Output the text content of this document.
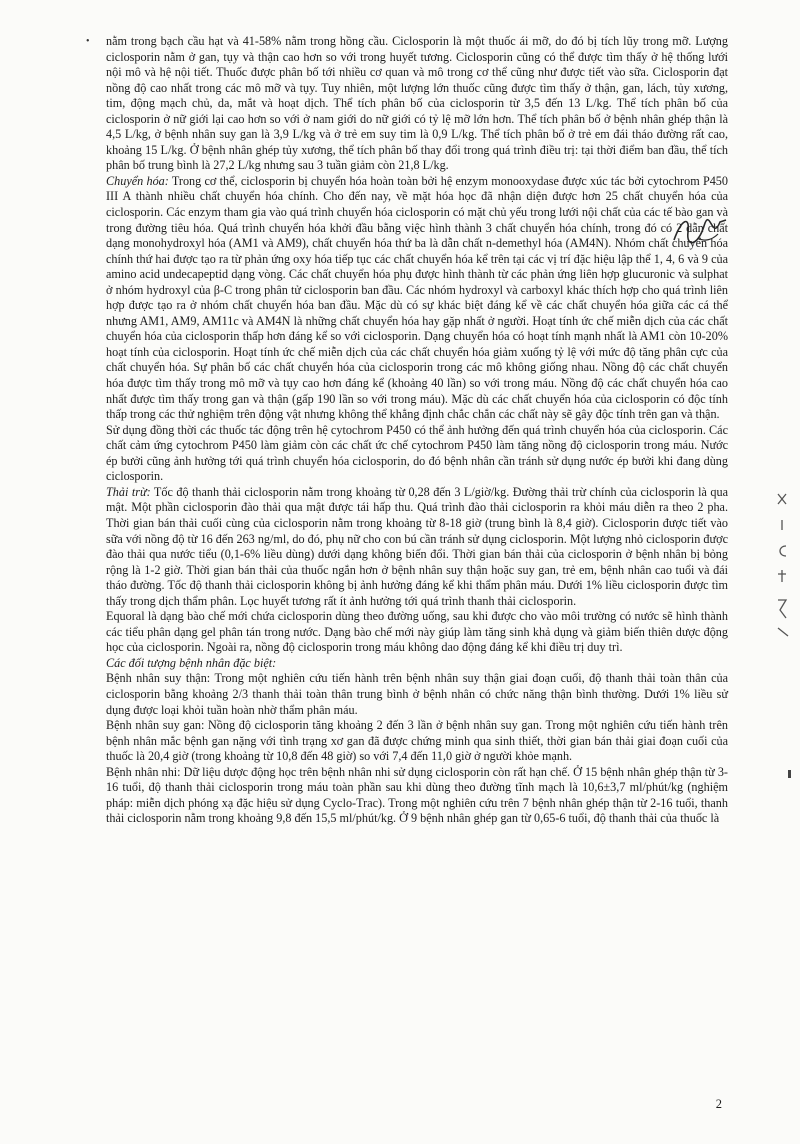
• nằm trong bạch cầu hạt và 41-58% nằm trong hồng cầu. Ciclosporin là một thuốc ái mỡ, do đó bị tích lũy trong mỡ. Lượng ciclosporin nằm ở gan, tụy và thận cao hơn so với trong huyết tương. Ciclosporin cũng có thể được tìm thấy ở hệ thống lưới nội mô và hệ nội tiết. Thuốc được phân bố tới nhiều cơ quan và mô trong cơ thể cũng như được tiết vào sữa. Ciclosporin đạt nồng độ cao nhất trong các mô mỡ và tụy. Tuy nhiên, một lượng lớn thuốc cũng được tìm thấy ở thận, gan, lách, tủy xương, tim, động mạch chủ, da, mắt và hoạt dịch. Thể tích phân bố của ciclosporin từ 3,5 đến 13 L/kg. Thể tích phân bố của ciclosporin ở nữ giới lại cao hơn so với ở nam giới do nữ giới có tỷ lệ mỡ lớn hơn. Thể tích phân bố ở bệnh nhân ghép thận là 4,5 L/kg, ở bệnh nhân suy gan là 3,9 L/kg và ở trẻ em suy tim là 0,9 L/kg. Thể tích phân bố ở trẻ em đái tháo đường rất cao, khoảng 15 L/kg. Ở bệnh nhân ghép tủy xương, thể tích phân bố thay đổi trong quá trình điều trị: tại thời điểm ban đầu, thể tích phân bố trung bình là 27,2 L/kg nhưng sau 3 tuần giảm còn 21,8 L/kg.

Chuyển hóa: Trong cơ thể, ciclosporin bị chuyển hóa hoàn toàn bởi hệ enzym monooxydase được xúc tác bởi cytochrom P450 III A thành nhiều chất chuyển hóa chính. Cho đến nay, về mặt hóa học đã nhận diện được hơn 25 chất chuyển hóa của ciclosporin. Các enzym tham gia vào quá trình chuyển hóa ciclosporin có mặt chủ yếu trong lưới nội chất của các tế bào gan và trong đường tiêu hóa. Quá trình chuyển hóa khởi đầu bằng việc hình thành 3 chất chuyển hóa chính, trong đó có 2 dẫn chất dạng monohydroxyl hóa (AM1 và AM9), chất chuyển hóa thứ ba là dẫn chất n-demethyl hóa (AM4N). Nhóm chất chuyển hóa chính thứ hai được tạo ra từ phản ứng oxy hóa tiếp tục các chất chuyển hóa kể trên tại các vị trí đặc hiệu lập thể 1, 4, 6 và 9 của amino acid undecapeptid dạng vòng. Các chất chuyển hóa phụ được hình thành từ các phản ứng liên hợp glucuronic và sulphat ở nhóm hydroxyl của β-C trong phân tử ciclosporin ban đầu. Các nhóm hydroxyl và carboxyl khác thích hợp cho quá trình liên hợp được tạo ra ở nhóm chất chuyển hóa ban đầu. Mặc dù có sự khác biệt đáng kể về các chất chuyển hóa giữa các cá thể nhưng AM1, AM9, AM11c và AM4N là những chất chuyển hóa hay gặp nhất ở người. Hoạt tính ức chế miễn dịch của các chất chuyển hóa của ciclosporin thấp hơn đáng kể so với ciclosporin. Dạng chuyển hóa có hoạt tính mạnh nhất là AM1 còn 10-20% hoạt tính của ciclosporin. Hoạt tính ức chế miễn dịch của các chất chuyển hóa giảm xuống tỷ lệ với mức độ tăng phân cực của chất chuyển hóa. Sự phân bố các chất chuyển hóa của ciclosporin trong các mô không giống nhau. Nồng độ các chất chuyển hóa được tìm thấy trong mô mỡ và tụy cao hơn đáng kể (khoảng 40 lần) so với trong máu. Nồng độ các chất chuyển hóa cao nhất được tìm thấy trong gan và thận (gấp 190 lần so với trong máu). Mặc dù các chất chuyển hóa của ciclosporin có độc tính thấp trong các thử nghiệm trên động vật nhưng không thể khẳng định chắc chắn các chất này sẽ gây độc tính trên gan và thận.

Sử dụng đồng thời các thuốc tác động trên hệ cytochrom P450 có thể ảnh hưởng đến quá trình chuyển hóa của ciclosporin. Các chất cảm ứng cytochrom P450 làm giảm còn các chất ức chế cytochrom P450 làm tăng nồng độ ciclosporin trong máu. Nước ép bưởi cũng ảnh hưởng tới quá trình chuyển hóa ciclosporin, do đó bệnh nhân cần tránh sử dụng nước ép bưởi khi đang dùng ciclosporin.

Thải trừ: Tốc độ thanh thải ciclosporin nằm trong khoảng từ 0,28 đến 3 L/giờ/kg. Đường thải trừ chính của ciclosporin là qua mật. Một phần ciclosporin đào thải qua mật được tái hấp thu. Quá trình đào thải ciclosporin ra khỏi máu diễn ra theo 2 pha. Thời gian bán thải cuối cùng của ciclosporin nằm trong khoảng từ 8-18 giờ (trung bình là 8,4 giờ). Ciclosporin được tiết vào sữa với nồng độ từ 16 đến 263 ng/ml, do đó, phụ nữ cho con bú cần tránh sử dụng ciclosporin. Một lượng nhỏ ciclosporin được đào thải qua nước tiểu (0,1-6% liều dùng) dưới dạng không biến đổi. Thời gian bán thải của ciclosporin ở bệnh nhân bị bỏng rộng là 1-2 giờ. Thời gian bán thải của thuốc ngắn hơn ở bệnh nhân suy thận hoặc suy gan, trẻ em, bệnh nhân cao tuổi và đái tháo đường. Tốc độ thanh thải ciclosporin không bị ảnh hưởng đáng kể khi thẩm phân máu. Dưới 1% liều ciclosporin được tìm thấy trong dịch thẩm phân. Lọc huyết tương rất ít ảnh hưởng tới quá trình thanh thải ciclosporin.

Equoral là dạng bào chế mới chứa ciclosporin dùng theo đường uống, sau khi được cho vào môi trường có nước sẽ hình thành các tiểu phân dạng gel phân tán trong nước. Dạng bào chế mới này giúp làm tăng sinh khả dụng và giảm biến thiên dược động học của ciclosporin. Ngoài ra, nồng độ ciclosporin trong máu không dao động đáng kể khi điều trị duy trì.

Các đối tượng bệnh nhân đặc biệt:

Bệnh nhân suy thận: Trong một nghiên cứu tiến hành trên bệnh nhân suy thận giai đoạn cuối, độ thanh thải toàn thân của ciclosporin bằng khoảng 2/3 thanh thải toàn thân trung bình ở bệnh nhân có chức năng thận bình thường. Dưới 1% liều sử dụng được loại khỏi tuần hoàn nhờ thẩm phân máu.

Bệnh nhân suy gan: Nồng độ ciclosporin tăng khoảng 2 đến 3 lần ở bệnh nhân suy gan. Trong một nghiên cứu tiến hành trên bệnh nhân mắc bệnh gan nặng với tình trạng xơ gan đã được chứng minh qua sinh thiết, thời gian bán thải giai đoạn cuối của thuốc là 20,4 giờ (trong khoảng từ 10,8 đến 48 giờ) so với 7,4 đến 11,0 giờ ở người khỏe mạnh.

Bệnh nhân nhi: Dữ liệu dược động học trên bệnh nhân nhi sử dụng ciclosporin còn rất hạn chế. Ở 15 bệnh nhân ghép thận từ 3-16 tuổi, độ thanh thải ciclosporin trong máu toàn phần sau khi dùng theo đường tĩnh mạch là 10,6±3,7 ml/phút/kg (nghiệm pháp: miễn dịch phóng xạ đặc hiệu sử dụng Cyclo-Trac). Trong một nghiên cứu trên 7 bệnh nhân ghép thận từ 2-16 tuổi, thanh thải ciclosporin nằm trong khoảng 9,8 đến 15,5 ml/phút/kg. Ở 9 bệnh nhân ghép gan từ 0,65-6 tuổi, độ thanh thải của thuốc là

2
